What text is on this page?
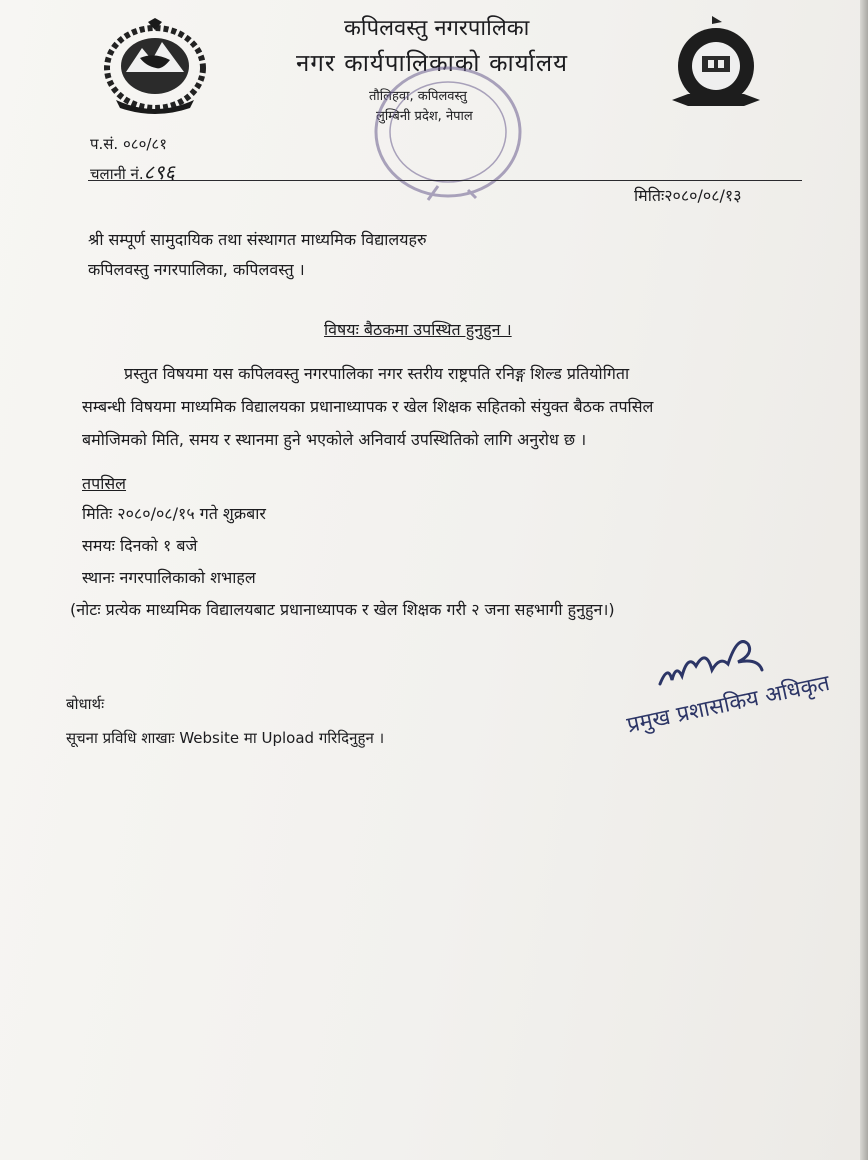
कपिलवस्तु नगरपालिका
नगर कार्यपालिकाको कार्यालय
तौलिहवा, कपिलवस्तु
लुम्बिनी प्रदेश, नेपाल
प.सं. ०८०/८१
चलानी नं.८९६
मितिः२०८०/०८/१३
श्री सम्पूर्ण सामुदायिक तथा संस्थागत माध्यमिक विद्यालयहरु
कपिलवस्तु नगरपालिका, कपिलवस्तु ।
विषयः बैठकमा उपस्थित हुनुहुन ।
प्रस्तुत विषयमा यस कपिलवस्तु नगरपालिका नगर स्तरीय राष्ट्रपति रनिङ्ग शिल्ड प्रतियोगिता
सम्बन्धी विषयमा माध्यमिक विद्यालयका प्रधानाध्यापक र खेल शिक्षक सहितको संयुक्त बैठक तपसिल
बमोजिमको मिति, समय र स्थानमा हुने भएकोले अनिवार्य उपस्थितिको लागि अनुरोध छ ।
तपसिल
मितिः २०८०/०८/१५ गते शुक्रबार
समयः दिनको १ बजे
स्थानः नगरपालिकाको शभाहल
(नोटः प्रत्येक माध्यमिक विद्यालयबाट प्रधानाध्यापक र खेल शिक्षक गरी २ जना सहभागी हुनुहुन।)
बोधार्थः
सूचना प्रविधि शाखाः Website मा Upload गरिदिनुहुन ।	प्रमुख प्रशासकिय अधिकृत
